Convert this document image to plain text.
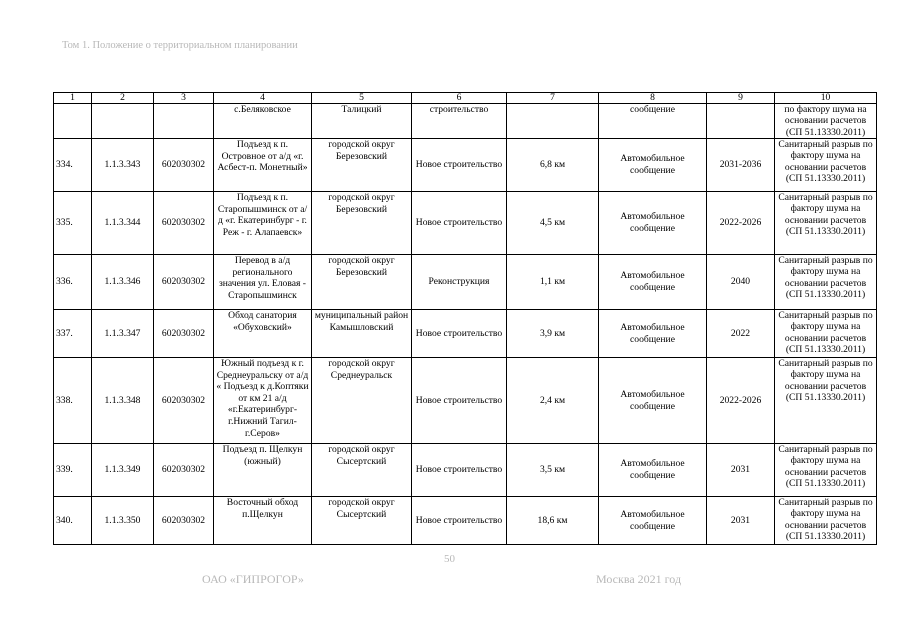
Том 1. Положение о территориальном планировании
1	2	3	4	5	6	7	8	9	10
			с.Беляковское	Талицкий	строительство		сообщение		по фактору шума на основании расчетов (СП 51.13330.2011)
334.	1.1.3.343	602030302	Подъезд к п. Островное от а/д «г. Асбест-п. Монетный»	городской округ Березовский	Новое строительство	6,8 км	Автомобильное сообщение	2031-2036	Санитарный разрыв по фактору шума на основании расчетов (СП 51.13330.2011)
335.	1.1.3.344	602030302	Подъезд к п. Старопышминск от а/д «г. Екатеринбург - г. Реж - г. Алапаевск»	городской округ Березовский	Новое строительство	4,5 км	Автомобильное сообщение	2022-2026	Санитарный разрыв по фактору шума на основании расчетов (СП 51.13330.2011)
336.	1.1.3.346	602030302	Перевод в а/д регионального значения ул. Еловая - Старопышминск	городской округ Березовский	Реконструкция	1,1 км	Автомобильное сообщение	2040	Санитарный разрыв по фактору шума на основании расчетов (СП 51.13330.2011)
337.	1.1.3.347	602030302	Обход санатория «Обуховский»	муниципальный район Камышловский	Новое строительство	3,9 км	Автомобильное сообщение	2022	Санитарный разрыв по фактору шума на основании расчетов (СП 51.13330.2011)
338.	1.1.3.348	602030302	Южный подъезд к г. Среднеуральску от а/д « Подъезд к д.Коптяки от км 21 а/д «г.Екатеринбург-г.Нижний Тагил-г.Серов»	городской округ Среднеуральск	Новое строительство	2,4 км	Автомобильное сообщение	2022-2026	Санитарный разрыв по фактору шума на основании расчетов (СП 51.13330.2011)
339.	1.1.3.349	602030302	Подъезд п. Щелкун (южный)	городской округ Сысертский	Новое строительство	3,5 км	Автомобильное сообщение	2031	Санитарный разрыв по фактору шума на основании расчетов (СП 51.13330.2011)
340.	1.1.3.350	602030302	Восточный обход п.Щелкун	городской округ Сысертский	Новое строительство	18,6 км	Автомобильное сообщение	2031	Санитарный разрыв по фактору шума на основании расчетов (СП 51.13330.2011)
50
ОАО «ГИПРОГОР»	Москва 2021 год
